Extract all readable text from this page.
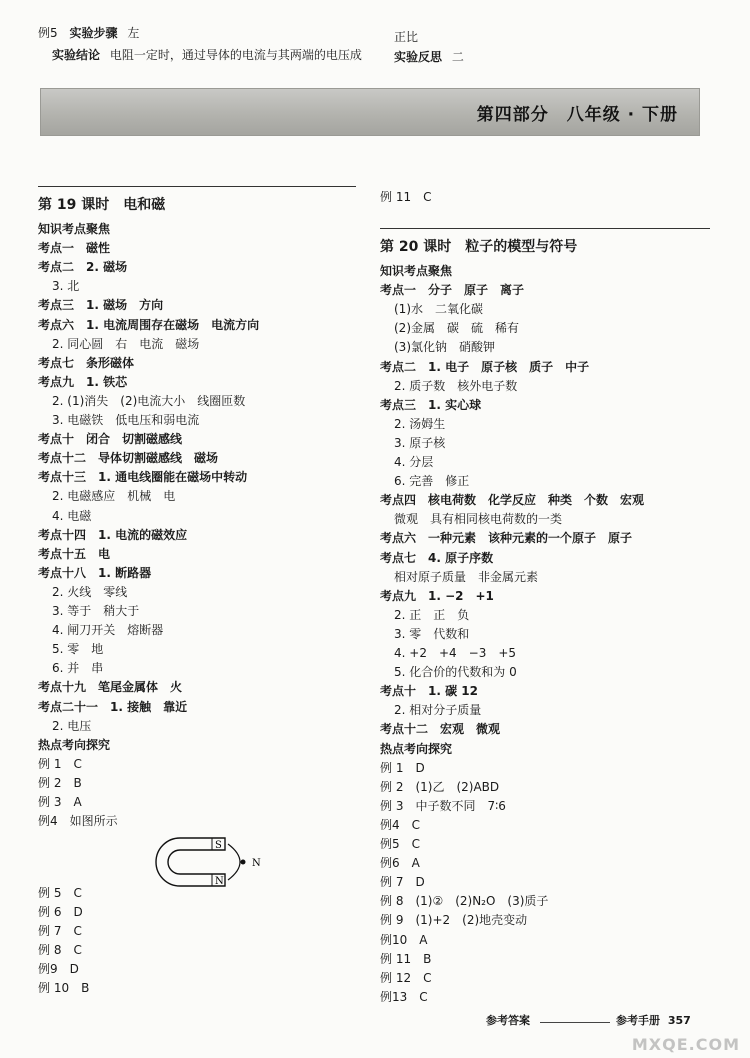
例5 实验步骤 左
实验结论 电阻一定时，通过导体的电流与其两端的电压成
正比
实验反思 二
第四部分　八年级 · 下册
第 19 课时　电和磁
知识考点聚焦
考点一　磁性
考点二　2. 磁场
3. 北
考点三　1. 磁场　方向
考点六　1. 电流周围存在磁场　电流方向
2. 同心圆　右　电流　磁场
考点七　条形磁体
考点九　1. 铁芯
2. (1)消失　(2)电流大小　线圈匝数
3. 电磁铁　低电压和弱电流
考点十　闭合　切割磁感线
考点十二　导体切割磁感线　磁场
考点十三　1. 通电线圈能在磁场中转动
2. 电磁感应　机械　电
4. 电磁
考点十四　1. 电流的磁效应
考点十五　电
考点十八　1. 断路器
2. 火线　零线
3. 等于　稍大于
4. 闸刀开关　熔断器
5. 零　地
6. 并　串
考点十九　笔尾金属体　火
考点二十一　1. 接触　靠近
2. 电压
热点考向探究
例 1　C
例 2　B
例 3　A
例4　如图所示
S
N
N
例 5　C
例 6　D
例 7　C
例 8　C
例9　D
例 10　B
例 11　C
第 20 课时　粒子的模型与符号
知识考点聚焦
考点一　分子　原子　离子
(1)水　二氧化碳
(2)金属　碳　硫　稀有
(3)氯化钠　硝酸钾
考点二　1. 电子　原子核　质子　中子
2. 质子数　核外电子数
考点三　1. 实心球
2. 汤姆生
3. 原子核
4. 分层
6. 完善　修正
考点四　核电荷数　化学反应　种类　个数　宏观
微观　具有相同核电荷数的一类
考点六　一种元素　该种元素的一个原子　原子
考点七　4. 原子序数
相对原子质量　非金属元素
考点九　1. −2　+1
2. 正　正　负
3. 零　代数和
4. +2　+4　−3　+5
5. 化合价的代数和为 0
考点十　1. 碳 12
2. 相对分子质量
考点十二　宏观　微观
热点考向探究
例 1　D
例 2　(1)乙　(2)ABD
例 3　中子数不同　7∶6
例4　C
例5　C
例6　A
例 7　D
例 8　(1)②　(2)N₂O　(3)质子
例 9　(1)+2　(2)地壳变动
例10　A
例 11　B
例 12　C
例13　C
参考答案	参考手册 357
MXQE.COM
